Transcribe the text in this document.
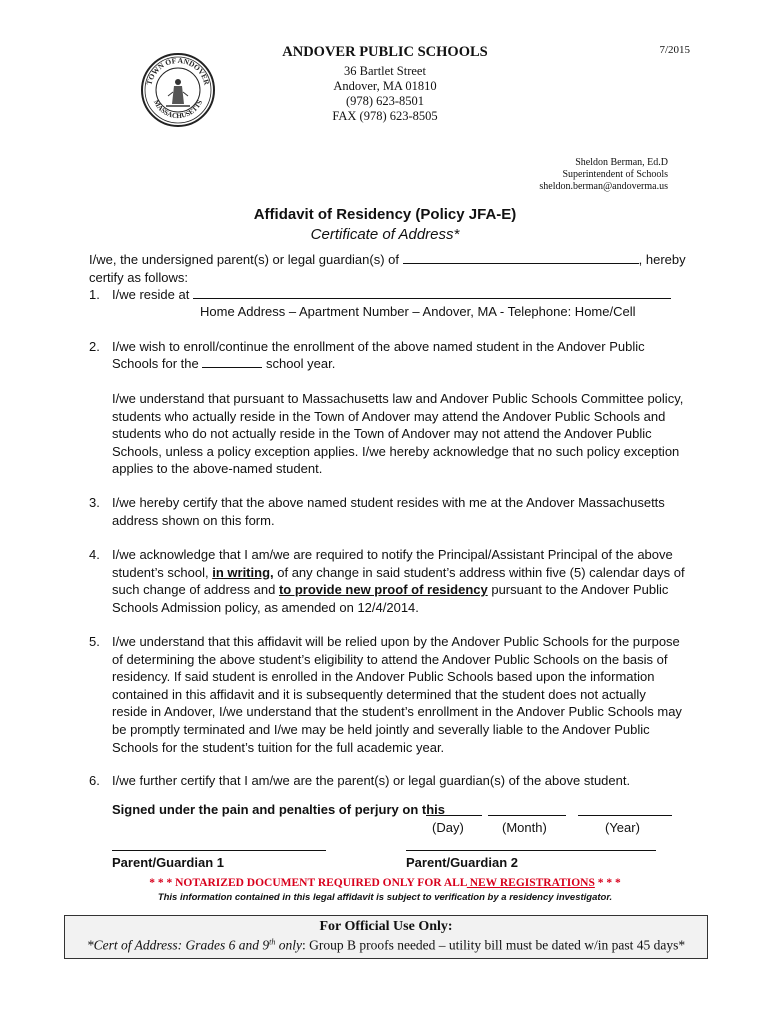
TOWN OF ANDOVER
MASSACHUSETTS
7/2015
ANDOVER PUBLIC SCHOOLS
36 Bartlet Street
Andover, MA 01810
(978) 623-8501
FAX (978) 623-8505
Sheldon Berman, Ed.D
Superintendent of Schools
sheldon.berman@andoverma.us
Affidavit of Residency (Policy JFA-E)
Certificate of Address*
I/we, the undersigned parent(s) or legal guardian(s) of	, hereby
certify as follows:
1. I/we reside at
Home Address – Apartment Number – Andover, MA - Telephone: Home/Cell
2. I/we wish to enroll/continue the enrollment of the above named student in the Andover Public
Schools for the	school year.
I/we understand that pursuant to Massachusetts law and Andover Public Schools Committee policy,
students who actually reside in the Town of Andover may attend the Andover Public Schools and
students who do not actually reside in the Town of Andover may not attend the Andover Public
Schools, unless a policy exception applies. I/we hereby acknowledge that no such policy exception
applies to the above-named student.
3. I/we hereby certify that the above named student resides with me at the Andover Massachusetts
address shown on this form.
4. I/we acknowledge that I am/we are required to notify the Principal/Assistant Principal of the above
student’s school, in writing, of any change in said student’s address within five (5) calendar days of
such change of address and to provide new proof of residency pursuant to the Andover Public
Schools Admission policy, as amended on 12/4/2014.
5. I/we understand that this affidavit will be relied upon by the Andover Public Schools for the purpose
of determining the above student’s eligibility to attend the Andover Public Schools on the basis of
residency. If said student is enrolled in the Andover Public Schools based upon the information
contained in this affidavit and it is subsequently determined that the student does not actually
reside in Andover, I/we understand that the student’s enrollment in the Andover Public Schools may
be promptly terminated and I/we may be held jointly and severally liable to the Andover Public
Schools for the student’s tuition for the full academic year.
6. I/we further certify that I am/we are the parent(s) or legal guardian(s) of the above student.
Signed under the pain and penalties of perjury on this
(Day)	(Month)	(Year)
Parent/Guardian 1	Parent/Guardian 2
* * * NOTARIZED DOCUMENT REQUIRED ONLY FOR ALL NEW REGISTRATIONS * * *
This information contained in this legal affidavit is subject to verification by a residency investigator.
For Official Use Only:
*Cert of Address: Grades 6 and 9th only: Group B proofs needed – utility bill must be dated w/in past 45 days*
